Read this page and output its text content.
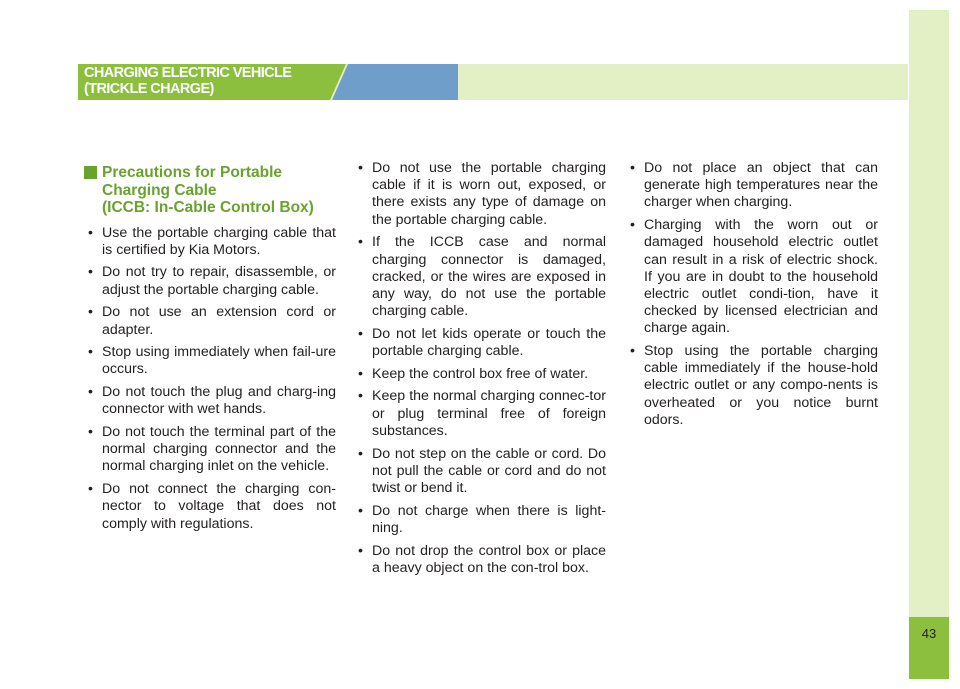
CHARGING ELECTRIC VEHICLE
(TRICKLE CHARGE)
Precautions for Portable
Charging Cable
(ICCB: In-Cable Control Box)
• Use the portable charging cable that is certified by Kia Motors.
• Do not try to repair, disassemble, or adjust the portable charging cable.
• Do not use an extension cord or adapter.
• Stop using immediately when fail-ure occurs.
• Do not touch the plug and charg-ing connector with wet hands.
• Do not touch the terminal part of the normal charging connector and the normal charging inlet on the vehicle.
• Do not connect the charging con-nector to voltage that does not comply with regulations.
• Do not use the portable charging cable if it is worn out, exposed, or there exists any type of damage on the portable charging cable.
• If the ICCB case and normal charging connector is damaged, cracked, or the wires are exposed in any way, do not use the portable charging cable.
• Do not let kids operate or touch the portable charging cable.
• Keep the control box free of water.
• Keep the normal charging connec-tor or plug terminal free of foreign substances.
• Do not step on the cable or cord. Do not pull the cable or cord and do not twist or bend it.
• Do not charge when there is light-ning.
• Do not drop the control box or place a heavy object on the con-trol box.
• Do not place an object that can generate high temperatures near the charger when charging.
• Charging with the worn out or damaged household electric outlet can result in a risk of electric shock. If you are in doubt to the household electric outlet condi-tion, have it checked by licensed electrician and charge again.
• Stop using the portable charging cable immediately if the house-hold electric outlet or any compo-nents is overheated or you notice burnt odors.
43
